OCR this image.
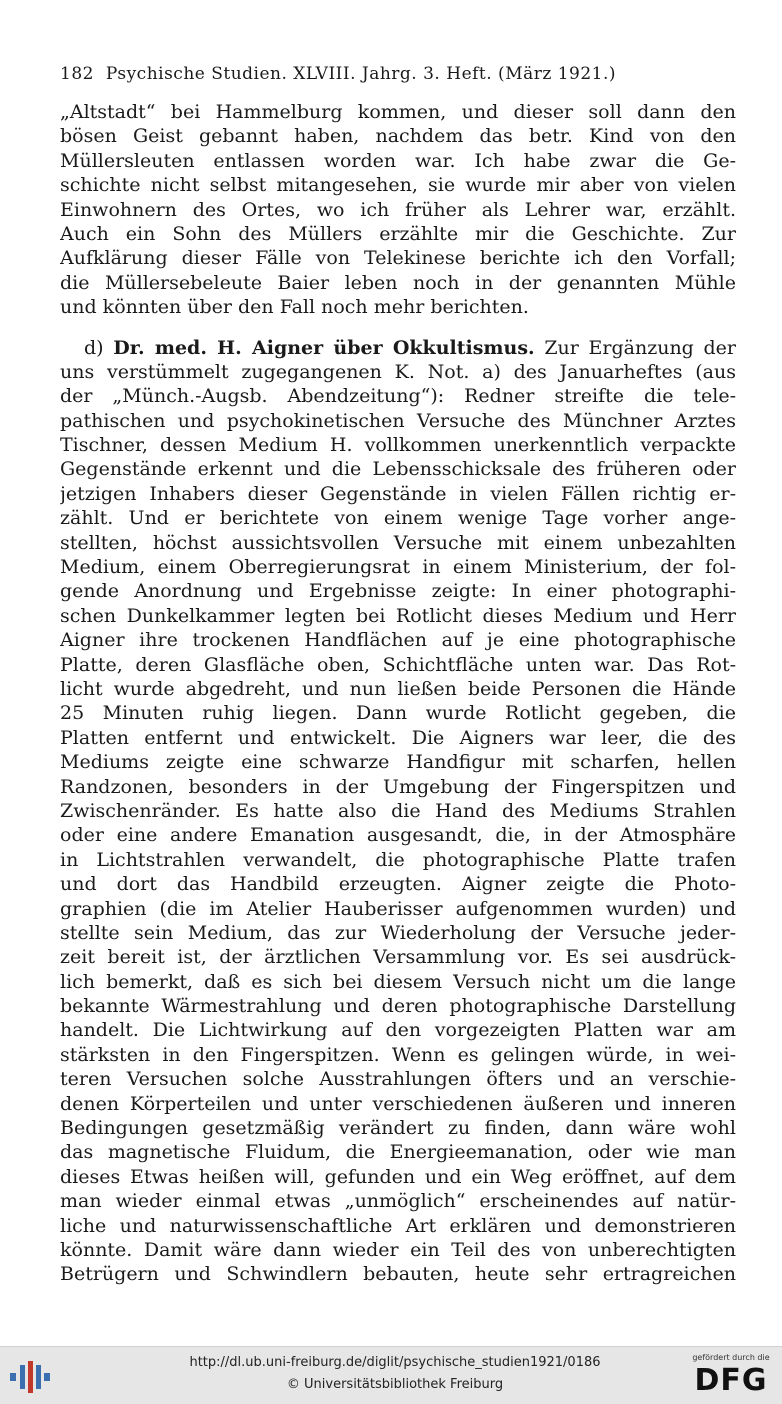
182 Psychische Studien. XLVIII. Jahrg. 3. Heft. (März 1921.)
„Altstadt“ bei Hammelburg kommen, und dieser soll dann den
bösen Geist gebannt haben, nachdem das betr. Kind von den
Müllersleuten entlassen worden war. Ich habe zwar die Ge-
schichte nicht selbst mitangesehen, sie wurde mir aber von vielen
Einwohnern des Ortes, wo ich früher als Lehrer war, erzählt.
Auch ein Sohn des Müllers erzählte mir die Geschichte. Zur
Aufklärung dieser Fälle von Telekinese berichte ich den Vorfall;
die Müllersebeleute Baier leben noch in der genannten Mühle
und könnten über den Fall noch mehr berichten.
d) Dr. med. H. Aigner über Okkultismus. Zur Ergänzung der
uns verstümmelt zugegangenen K. Not. a) des Januarheftes (aus
der „Münch.-Augsb. Abendzeitung“): Redner streifte die tele-
pathischen und psychokinetischen Versuche des Münchner Arztes
Tischner, dessen Medium H. vollkommen unerkenntlich verpackte
Gegenstände erkennt und die Lebensschicksale des früheren oder
jetzigen Inhabers dieser Gegenstände in vielen Fällen richtig er-
zählt. Und er berichtete von einem wenige Tage vorher ange-
stellten, höchst aussichtsvollen Versuche mit einem unbezahlten
Medium, einem Oberregierungsrat in einem Ministerium, der fol-
gende Anordnung und Ergebnisse zeigte: In einer photographi-
schen Dunkelkammer legten bei Rotlicht dieses Medium und Herr
Aigner ihre trockenen Handflächen auf je eine photographische
Platte, deren Glasfläche oben, Schichtfläche unten war. Das Rot-
licht wurde abgedreht, und nun ließen beide Personen die Hände
25 Minuten ruhig liegen. Dann wurde Rotlicht gegeben, die
Platten entfernt und entwickelt. Die Aigners war leer, die des
Mediums zeigte eine schwarze Handfigur mit scharfen, hellen
Randzonen, besonders in der Umgebung der Fingerspitzen und
Zwischenränder. Es hatte also die Hand des Mediums Strahlen
oder eine andere Emanation ausgesandt, die, in der Atmosphäre
in Lichtstrahlen verwandelt, die photographische Platte trafen
und dort das Handbild erzeugten. Aigner zeigte die Photo-
graphien (die im Atelier Hauberisser aufgenommen wurden) und
stellte sein Medium, das zur Wiederholung der Versuche jeder-
zeit bereit ist, der ärztlichen Versammlung vor. Es sei ausdrück-
lich bemerkt, daß es sich bei diesem Versuch nicht um die lange
bekannte Wärmestrahlung und deren photographische Darstellung
handelt. Die Lichtwirkung auf den vorgezeigten Platten war am
stärksten in den Fingerspitzen. Wenn es gelingen würde, in wei-
teren Versuchen solche Ausstrahlungen öfters und an verschie-
denen Körperteilen und unter verschiedenen äußeren und inneren
Bedingungen gesetzmäßig verändert zu finden, dann wäre wohl
das magnetische Fluidum, die Energieemanation, oder wie man
dieses Etwas heißen will, gefunden und ein Weg eröffnet, auf dem
man wieder einmal etwas „unmöglich“ erscheinendes auf natür-
liche und naturwissenschaftliche Art erklären und demonstrieren
könnte. Damit wäre dann wieder ein Teil des von unberechtigten
Betrügern und Schwindlern bebauten, heute sehr ertragreichen
http://dl.ub.uni-freiburg.de/diglit/psychische_studien1921/0186
© Universitätsbibliothek Freiburg
gefördert durch die
DFG
